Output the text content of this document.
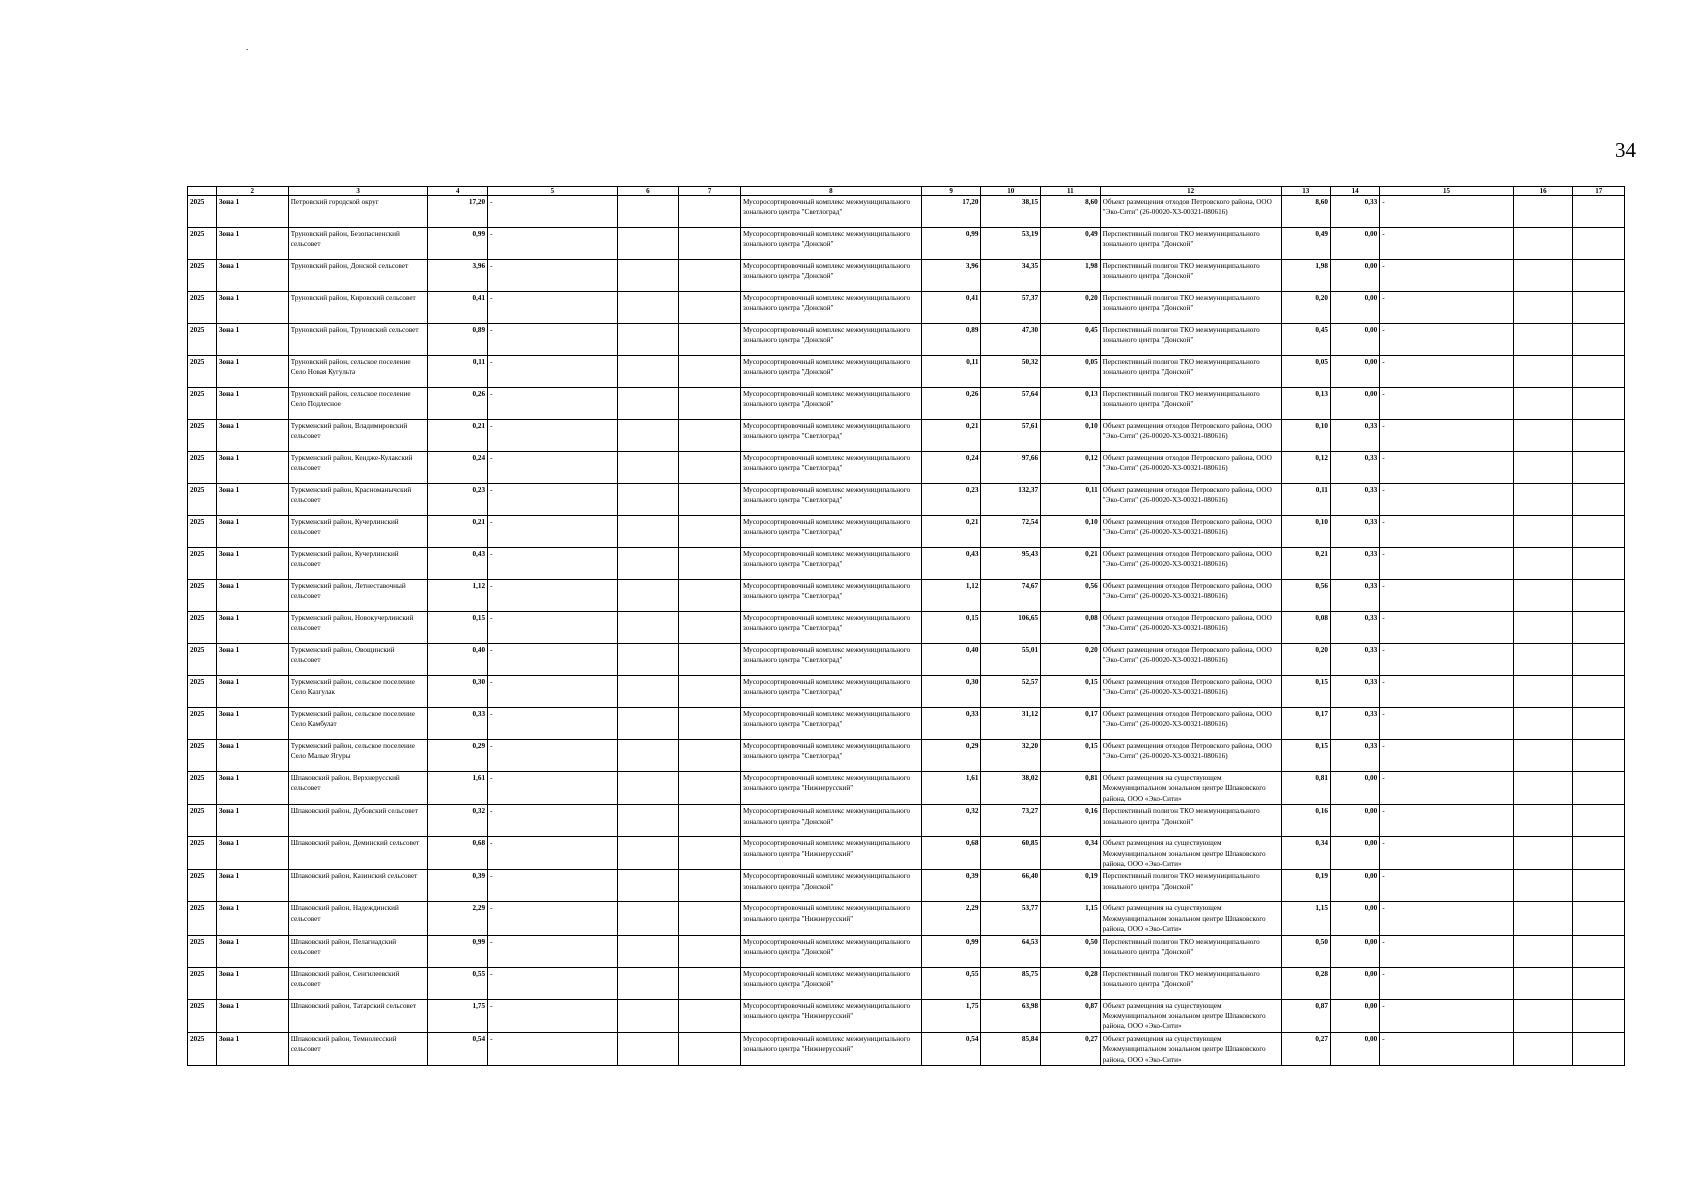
.
34
	2	3	4	5	6	7	8	9	10	11	12	13	14	15	16	17
2025	Зона 1	Петровский городской округ	17,20	-			Мусоросортировочный комплекс межмуниципального зонального центра "Светлоград"	17,20	38,15	8,60	Объект размещения отходов Петровского района, ООО "Эко-Сити" (26-00020-Х3-00321-080616)	8,60	0,33	-		
2025	Зона 1	Труновский район, Безопасненский сельсовет	0,99	-			Мусоросортировочный комплекс межмуниципального зонального центра "Донской"	0,99	53,19	0,49	Перспективный полигон ТКО межмуниципального зонального центра "Донской"	0,49	0,00	-		
2025	Зона 1	Труновский район, Донской сельсовет	3,96	-			Мусоросортировочный комплекс межмуниципального зонального центра "Донской"	3,96	34,35	1,98	Перспективный полигон ТКО межмуниципального зонального центра "Донской"	1,98	0,00	-		
2025	Зона 1	Труновский район, Кировский сельсовет	0,41	-			Мусоросортировочный комплекс межмуниципального зонального центра "Донской"	0,41	57,37	0,20	Перспективный полигон ТКО межмуниципального зонального центра "Донской"	0,20	0,00	-		
2025	Зона 1	Труновский район, Труновский сельсовет	0,89	-			Мусоросортировочный комплекс межмуниципального зонального центра "Донской"	0,89	47,30	0,45	Перспективный полигон ТКО межмуниципального зонального центра "Донской"	0,45	0,00	-		
2025	Зона 1	Труновский район, сельское поселение Село Новая Кугульта	0,11	-			Мусоросортировочный комплекс межмуниципального зонального центра "Донской"	0,11	50,32	0,05	Перспективный полигон ТКО межмуниципального зонального центра "Донской"	0,05	0,00	-		
2025	Зона 1	Труновский район, сельское поселение Село Подлесное	0,26	-			Мусоросортировочный комплекс межмуниципального зонального центра "Донской"	0,26	57,64	0,13	Перспективный полигон ТКО межмуниципального зонального центра "Донской"	0,13	0,00	-		
2025	Зона 1	Туркменский район, Владимировский сельсовет	0,21	-			Мусоросортировочный комплекс межмуниципального зонального центра "Светлоград"	0,21	57,61	0,10	Объект размещения отходов Петровского района, ООО "Эко-Сити" (26-00020-Х3-00321-080616)	0,10	0,33	-		
2025	Зона 1	Туркменский район, Кендже-Кулакский сельсовет	0,24	-			Мусоросортировочный комплекс межмуниципального зонального центра "Светлоград"	0,24	97,66	0,12	Объект размещения отходов Петровского района, ООО "Эко-Сити" (26-00020-Х3-00321-080616)	0,12	0,33	-		
2025	Зона 1	Туркменский район, Красноманычский сельсовет	0,23	-			Мусоросортировочный комплекс межмуниципального зонального центра "Светлоград"	0,23	132,37	0,11	Объект размещения отходов Петровского района, ООО "Эко-Сити" (26-00020-Х3-00321-080616)	0,11	0,33	-		
2025	Зона 1	Туркменский район, Кучерлинский сельсовет	0,21	-			Мусоросортировочный комплекс межмуниципального зонального центра "Светлоград"	0,21	72,54	0,10	Объект размещения отходов Петровского района, ООО "Эко-Сити" (26-00020-Х3-00321-080616)	0,10	0,33	-		
2025	Зона 1	Туркменский район, Кучерлинский сельсовет	0,43	-			Мусоросортировочный комплекс межмуниципального зонального центра "Светлоград"	0,43	95,43	0,21	Объект размещения отходов Петровского района, ООО "Эко-Сити" (26-00020-Х3-00321-080616)	0,21	0,33	-		
2025	Зона 1	Туркменский район, Летнеставочный сельсовет	1,12	-			Мусоросортировочный комплекс межмуниципального зонального центра "Светлоград"	1,12	74,67	0,56	Объект размещения отходов Петровского района, ООО "Эко-Сити" (26-00020-Х3-00321-080616)	0,56	0,33	-		
2025	Зона 1	Туркменский район, Новокучерлинский сельсовет	0,15	-			Мусоросортировочный комплекс межмуниципального зонального центра "Светлоград"	0,15	106,65	0,08	Объект размещения отходов Петровского района, ООО "Эко-Сити" (26-00020-Х3-00321-080616)	0,08	0,33	-		
2025	Зона 1	Туркменский район, Овощинский сельсовет	0,40	-			Мусоросортировочный комплекс межмуниципального зонального центра "Светлоград"	0,40	55,01	0,20	Объект размещения отходов Петровского района, ООО "Эко-Сити" (26-00020-Х3-00321-080616)	0,20	0,33	-		
2025	Зона 1	Туркменский район, сельское поселение Село Казгулак	0,30	-			Мусоросортировочный комплекс межмуниципального зонального центра "Светлоград"	0,30	52,57	0,15	Объект размещения отходов Петровского района, ООО "Эко-Сити" (26-00020-Х3-00321-080616)	0,15	0,33	-		
2025	Зона 1	Туркменский район, сельское поселение Село Камбулат	0,33	-			Мусоросортировочный комплекс межмуниципального зонального центра "Светлоград"	0,33	31,12	0,17	Объект размещения отходов Петровского района, ООО "Эко-Сити" (26-00020-Х3-00321-080616)	0,17	0,33	-		
2025	Зона 1	Туркменский район, сельское поселение Село Малые Ягуры	0,29	-			Мусоросортировочный комплекс межмуниципального зонального центра "Светлоград"	0,29	32,20	0,15	Объект размещения отходов Петровского района, ООО "Эко-Сити" (26-00020-Х3-00321-080616)	0,15	0,33	-		
2025	Зона 1	Шпаковский район, Верхнерусский сельсовет	1,61	-			Мусоросортировочный комплекс межмуниципального зонального центра "Нижнерусский"	1,61	38,02	0,81	Объект размещения на существующем Межмуниципальном зональном центре Шпаковского района, ООО «Эко-Сити»	0,81	0,00	-		
2025	Зона 1	Шпаковский район, Дубовский сельсовет	0,32	-			Мусоросортировочный комплекс межмуниципального зонального центра "Донской"	0,32	73,27	0,16	Перспективный полигон ТКО межмуниципального зонального центра "Донской"	0,16	0,00	-		
2025	Зона 1	Шпаковский район, Деминский сельсовет	0,68	-			Мусоросортировочный комплекс межмуниципального зонального центра "Нижнерусский"	0,68	60,85	0,34	Объект размещения на существующем Межмуниципальном зональном центре Шпаковского района, ООО «Эко-Сити»	0,34	0,00	-		
2025	Зона 1	Шпаковский район, Казинский сельсовет	0,39	-			Мусоросортировочный комплекс межмуниципального зонального центра "Донской"	0,39	66,40	0,19	Перспективный полигон ТКО межмуниципального зонального центра "Донской"	0,19	0,00	-		
2025	Зона 1	Шпаковский район, Надеждинский сельсовет	2,29	-			Мусоросортировочный комплекс межмуниципального зонального центра "Нижнерусский"	2,29	53,77	1,15	Объект размещения на существующем Межмуниципальном зональном центре Шпаковского района, ООО «Эко-Сити»	1,15	0,00	-		
2025	Зона 1	Шпаковский район, Пелагиадский сельсовет	0,99	-			Мусоросортировочный комплекс межмуниципального зонального центра "Донской"	0,99	64,53	0,50	Перспективный полигон ТКО межмуниципального зонального центра "Донской"	0,50	0,00	-		
2025	Зона 1	Шпаковский район, Сенгилеевский сельсовет	0,55	-			Мусоросортировочный комплекс межмуниципального зонального центра "Донской"	0,55	85,75	0,28	Перспективный полигон ТКО межмуниципального зонального центра "Донской"	0,28	0,00	-		
2025	Зона 1	Шпаковский район, Татарский сельсовет	1,75	-			Мусоросортировочный комплекс межмуниципального зонального центра "Нижнерусский"	1,75	63,98	0,87	Объект размещения на существующем Межмуниципальном зональном центре Шпаковского района, ООО «Эко-Сити»	0,87	0,00	-		
2025	Зона 1	Шпаковский район, Темнолесский сельсовет	0,54	-			Мусоросортировочный комплекс межмуниципального зонального центра "Нижнерусский"	0,54	85,84	0,27	Объект размещения на существующем Межмуниципальном зональном центре Шпаковского района, ООО «Эко-Сити»	0,27	0,00	-		
